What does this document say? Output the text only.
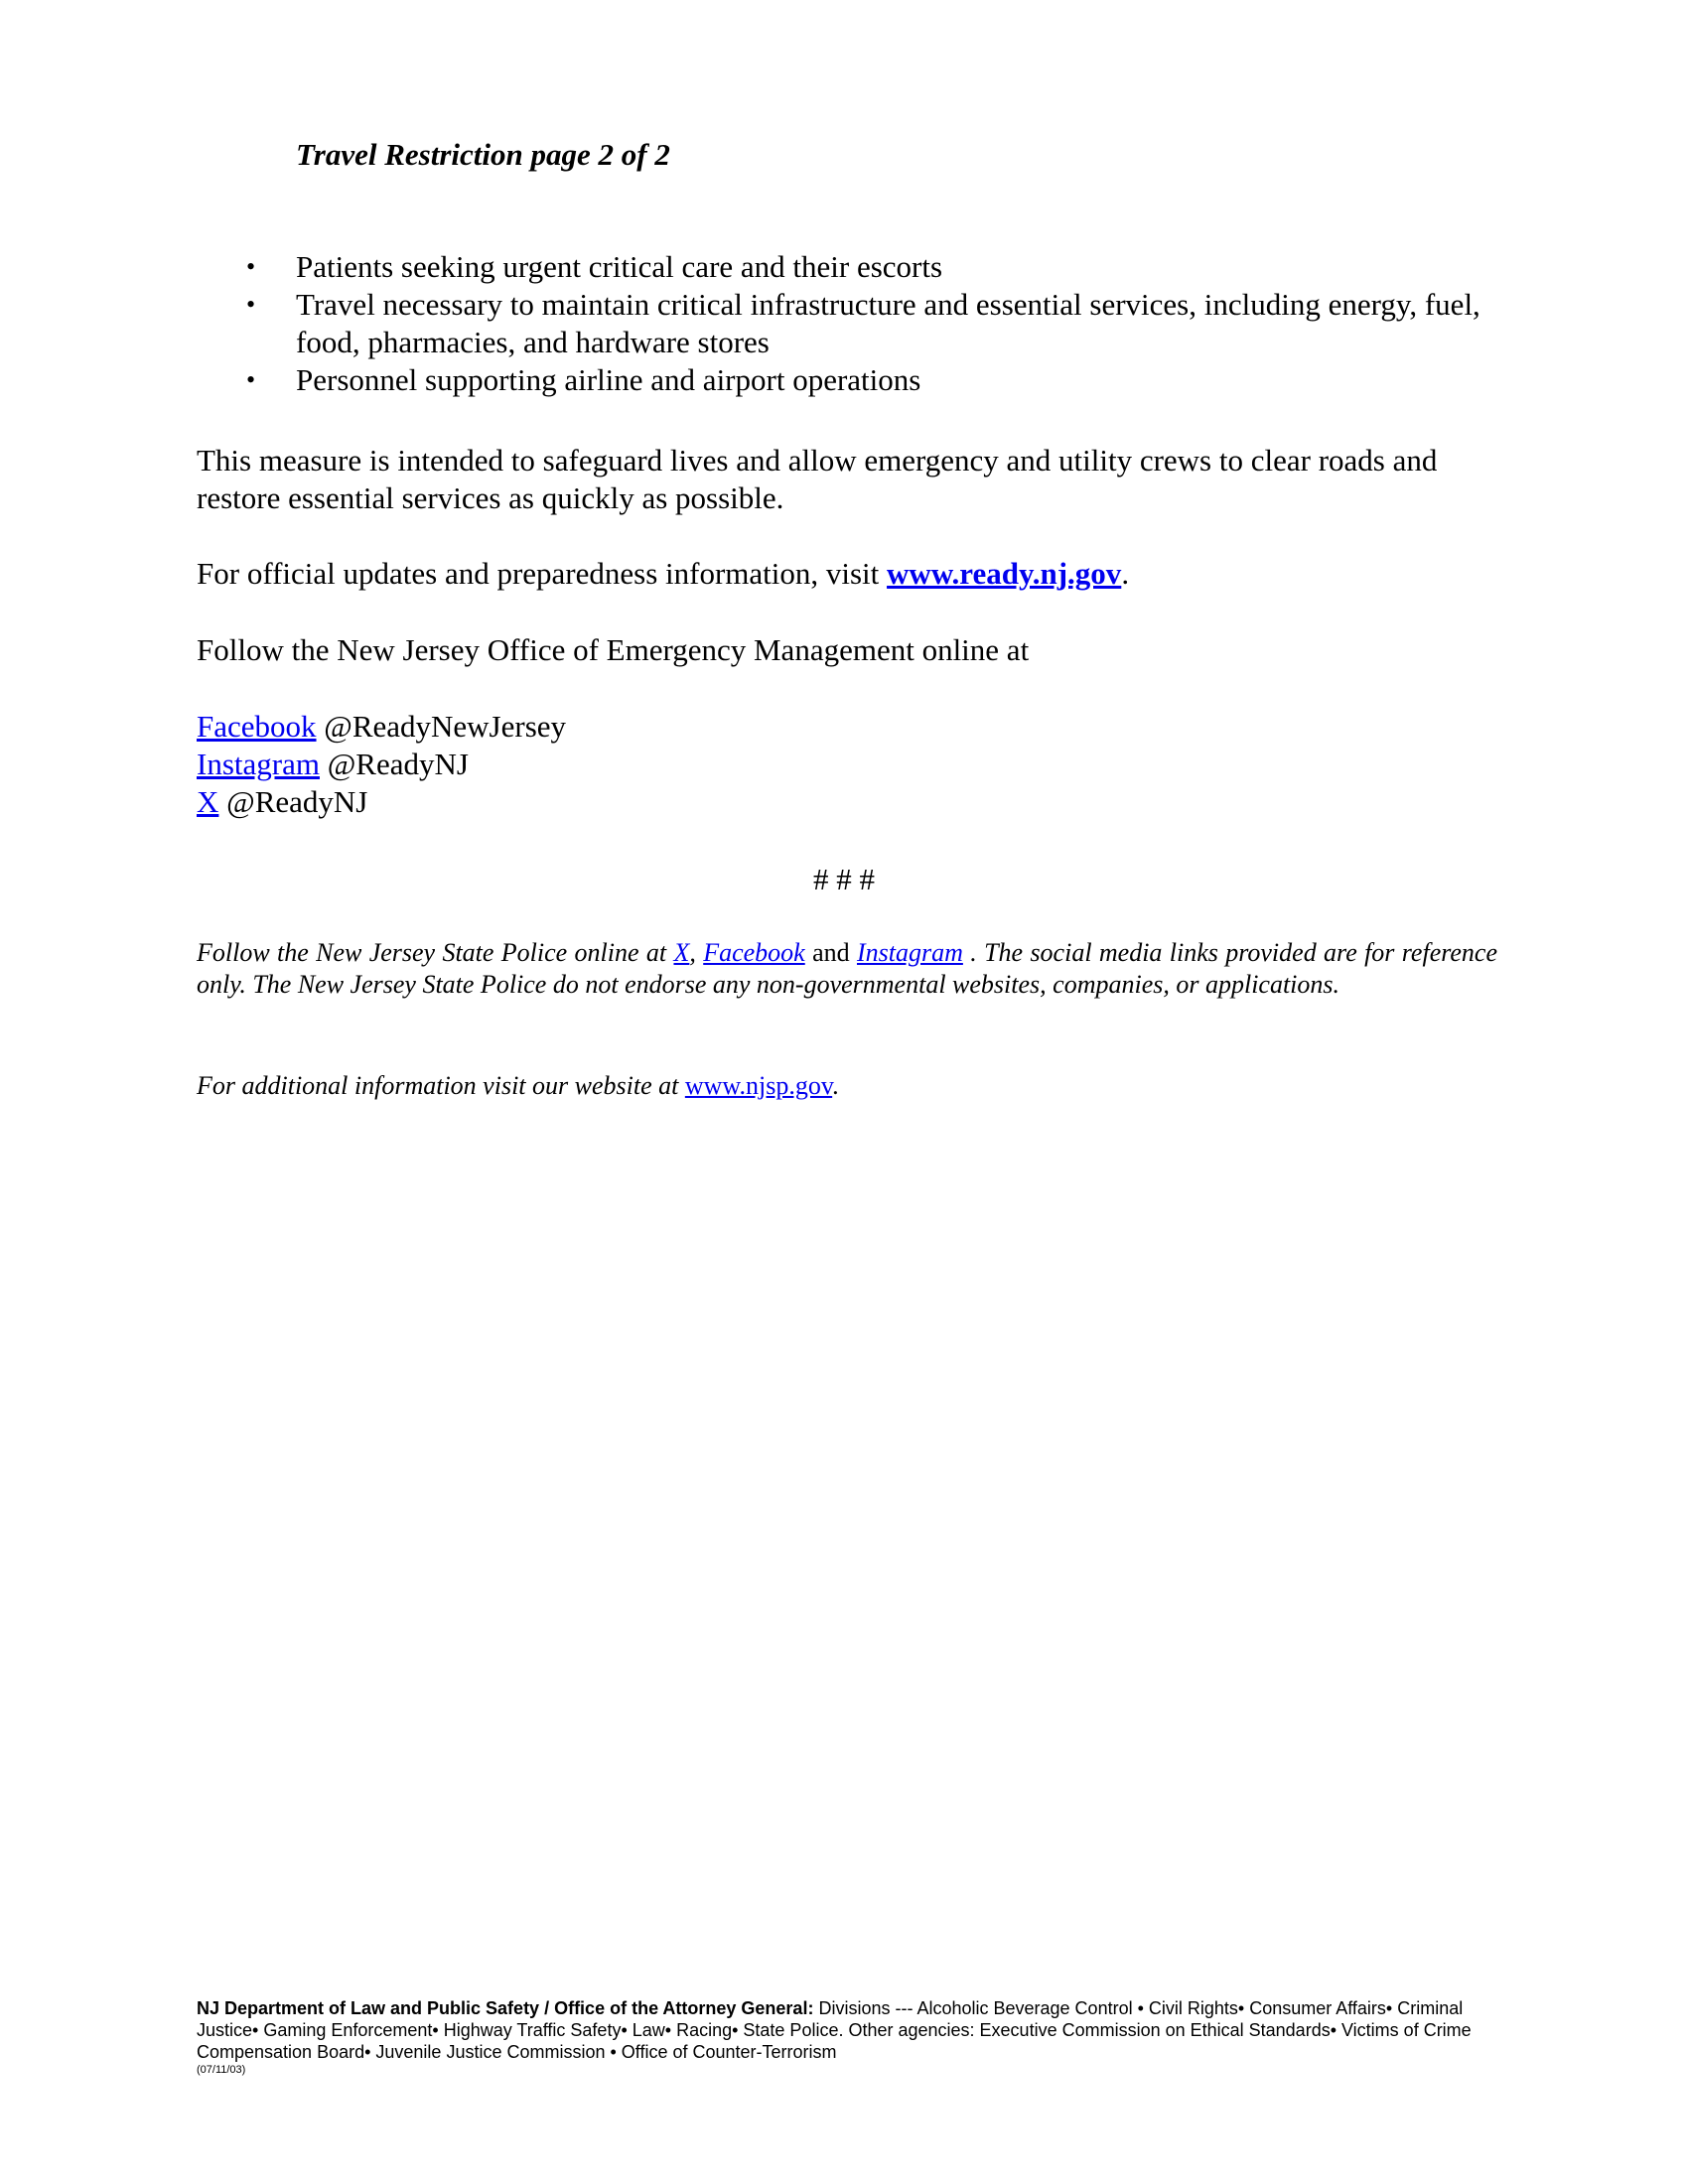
Travel Restriction page 2 of 2
• Patients seeking urgent critical care and their escorts
• Travel necessary to maintain critical infrastructure and essential services, including energy, fuel, food, pharmacies, and hardware stores
• Personnel supporting airline and airport operations

This measure is intended to safeguard lives and allow emergency and utility crews to clear roads and restore essential services as quickly as possible.

For official updates and preparedness information, visit www.ready.nj.gov.

Follow the New Jersey Office of Emergency Management online at

Facebook @ReadyNewJersey
Instagram @ReadyNJ
X @ReadyNJ
# # #

Follow the New Jersey State Police online at X, Facebook and Instagram . The social media links provided are for reference only. The New Jersey State Police do not endorse any non-governmental websites, companies, or applications.

For additional information visit our website at www.njsp.gov.

NJ Department of Law and Public Safety / Office of the Attorney General: Divisions --- Alcoholic Beverage Control • Civil Rights• Consumer Affairs• Criminal Justice• Gaming Enforcement• Highway Traffic Safety• Law• Racing• State Police. Other agencies: Executive Commission on Ethical Standards• Victims of Crime Compensation Board• Juvenile Justice Commission • Office of Counter-Terrorism
(07/11/03)
